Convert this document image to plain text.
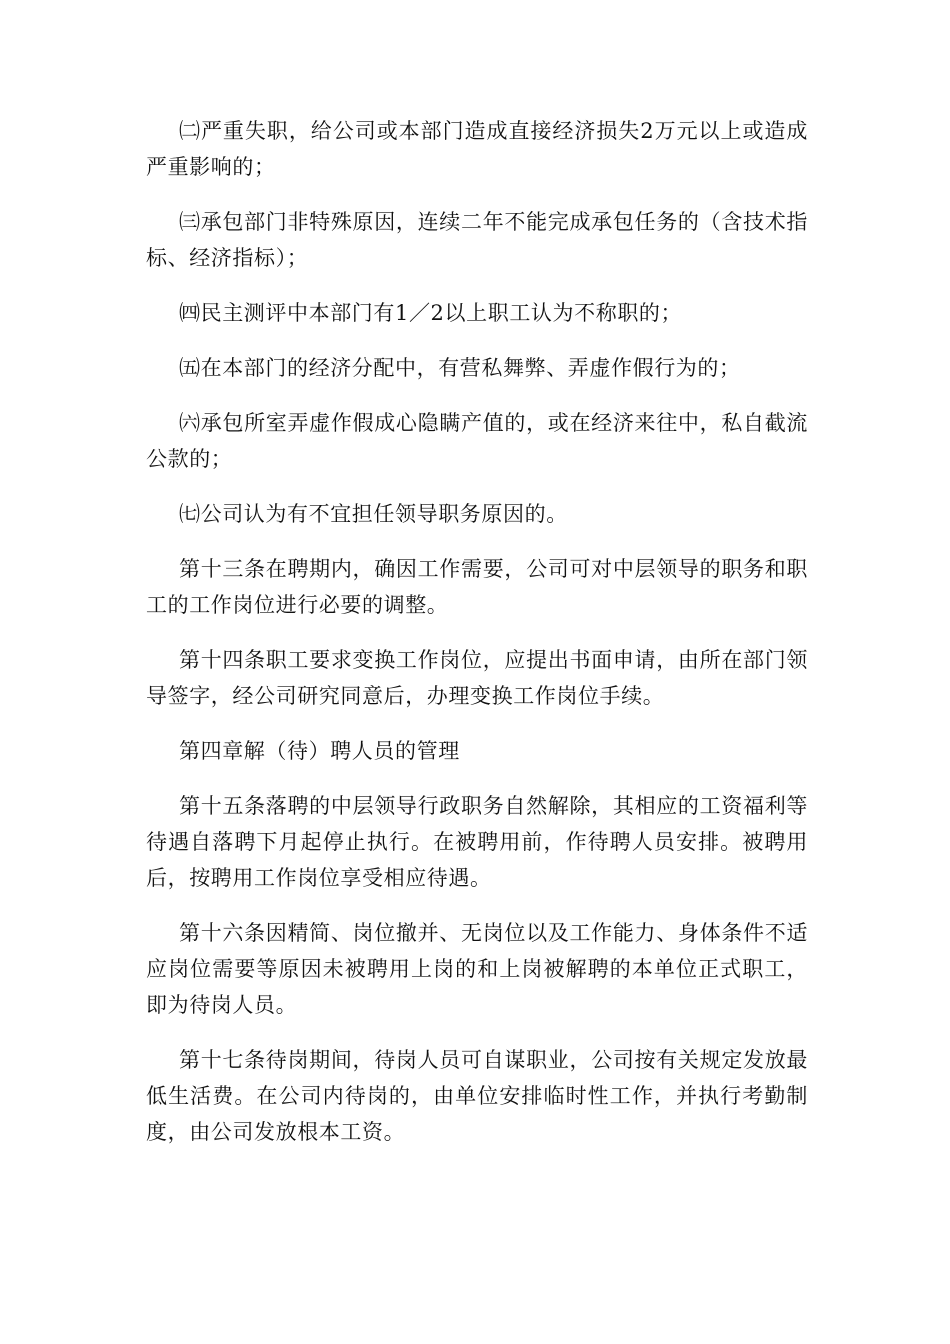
㈡严重失职，给公司或本部门造成直接经济损失2万元以上或造成严重影响的；

㈢承包部门非特殊原因，连续二年不能完成承包任务的（含技术指标、经济指标）；

㈣民主测评中本部门有1／2以上职工认为不称职的；

㈤在本部门的经济分配中，有营私舞弊、弄虚作假行为的；

㈥承包所室弄虚作假成心隐瞒产值的，或在经济来往中，私自截流公款的；

㈦公司认为有不宜担任领导职务原因的。

第十三条在聘期内，确因工作需要，公司可对中层领导的职务和职工的工作岗位进行必要的调整。

第十四条职工要求变换工作岗位，应提出书面申请，由所在部门领导签字，经公司研究同意后，办理变换工作岗位手续。

第四章解（待）聘人员的管理

第十五条落聘的中层领导行政职务自然解除，其相应的工资福利等待遇自落聘下月起停止执行。在被聘用前，作待聘人员安排。被聘用后，按聘用工作岗位享受相应待遇。

第十六条因精简、岗位撤并、无岗位以及工作能力、身体条件不适应岗位需要等原因未被聘用上岗的和上岗被解聘的本单位正式职工，即为待岗人员。

第十七条待岗期间，待岗人员可自谋职业，公司按有关规定发放最低生活费。在公司内待岗的，由单位安排临时性工作，并执行考勤制度，由公司发放根本工资。
